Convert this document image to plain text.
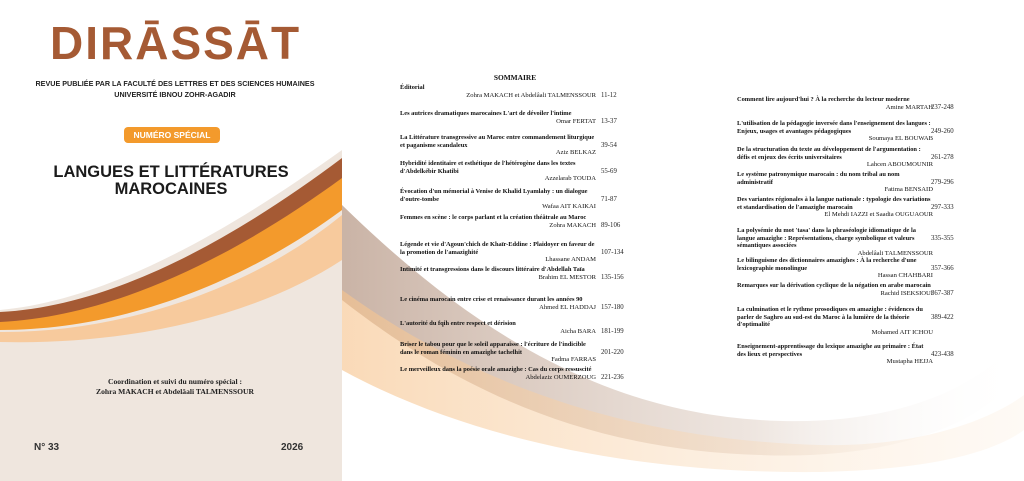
DIRĀSSĀT
REVUE PUBLIÉE PAR LA FACULTÉ DES LETTRES ET DES SCIENCES HUMAINES
UNIVERSITÉ IBNOU ZOHR-AGADIR
NUMÉRO SPÉCIAL
LANGUES ET LITTÉRATURES
MAROCAINES
Coordination et suivi du numéro spécial :
Zohra MAKACH et Abdelâali TALMENSSOUR
N° 33	2026
SOMMAIRE
Éditorial
Zohra MAKACH et Abdelâali TALMENSSOUR 11-12
Les autrices dramatiques marocaines L'art de dévoiler l'intime
Omar FERTAT 13-37
La Littérature transgressive au Maroc entre commandement liturgique et paganisme scandaleux
Aziz BELKAZ
39-54
Hybridité identitaire et esthétique de l'hétérogène dans les textes d'Abdelkébir Khatibi
Azzelarab TOUDA
55-69
Évocation d'un mémorial à Venise de Khalid Lyamlahy : un dialogue d'outre-tombe
Wafaa AIT KAIKAI
71-87
Femmes en scène : le corps parlant et la création théâtrale au Maroc
Zohra MAKACH 89-106
Légende et vie d'Agoun'chich de Khaïr-Eddine : Plaidoyer en faveur de la promotion de l'amazighité
Lhassane ANDAM
107-134
Intimité et transgressions dans le discours littéraire d'Abdellah Taïa
Brahim EL MESTOR 135-156
Le cinéma marocain entre crise et renaissance durant les années 90
Ahmed EL HADDAJ 157-180
L'autorité du fqih entre respect et dérision
Aicha BARA 181-199
Briser le tabou pour que le soleil apparaisse : l'écriture de l'indicible dans le roman féminin en amazighe tachelhit
Fadma FARRAS
201-220
Le merveilleux dans la poésie orale amazighe : Cas du corps ressuscité
Abdelaziz OUMERZOUG 221-236
Comment lire aujourd'hui ? À la recherche du lecteur moderne
Amine MARTAH
237-248
L'utilisation de la pédagogie inversée dans l'enseignement des langues : Enjeux, usages et avantages pédagogiques
Soumaya EL BOUWAB
249-260
De la structuration du texte au développement de l'argumentation : défis et enjeux des écrits universitaires
Lahcen ABOUMOUNIR
261-278
Le système patronymique marocain : du nom tribal au nom administratif
Fatima BENSAID
279-296
Des variantes régionales à la langue nationale : typologie des variations et standardisation de l'amazighe marocain
El Mehdi IAZZI et Saadia OUGUAOUR
297-333
La polysémie du mot 'tasa' dans la phraséologie idiomatique de la langue amazighe : Représentations, charge symbolique et valeurs sémantiques associées
Abdelâali TALMENSSOUR
335-355
Le bilinguisme des dictionnaires amazighes : À la recherche d'une lexicographie monolingue
Hassan CHAHBARI
357-366
Remarques sur la dérivation cyclique de la négation en arabe marocain
Rachid ISEKSIOUI
367-387
La culmination et le rythme prosodiques en amazighe : évidences du parler de Saghro au sud-est du Maroc à la lumière de la théorie d'optimalité
Mohamed AIT ICHOU
389-422
Enseignement-apprentissage du lexique amazighe au primaire : État des lieux et perspectives
Mustapha HEJJA
423-438
